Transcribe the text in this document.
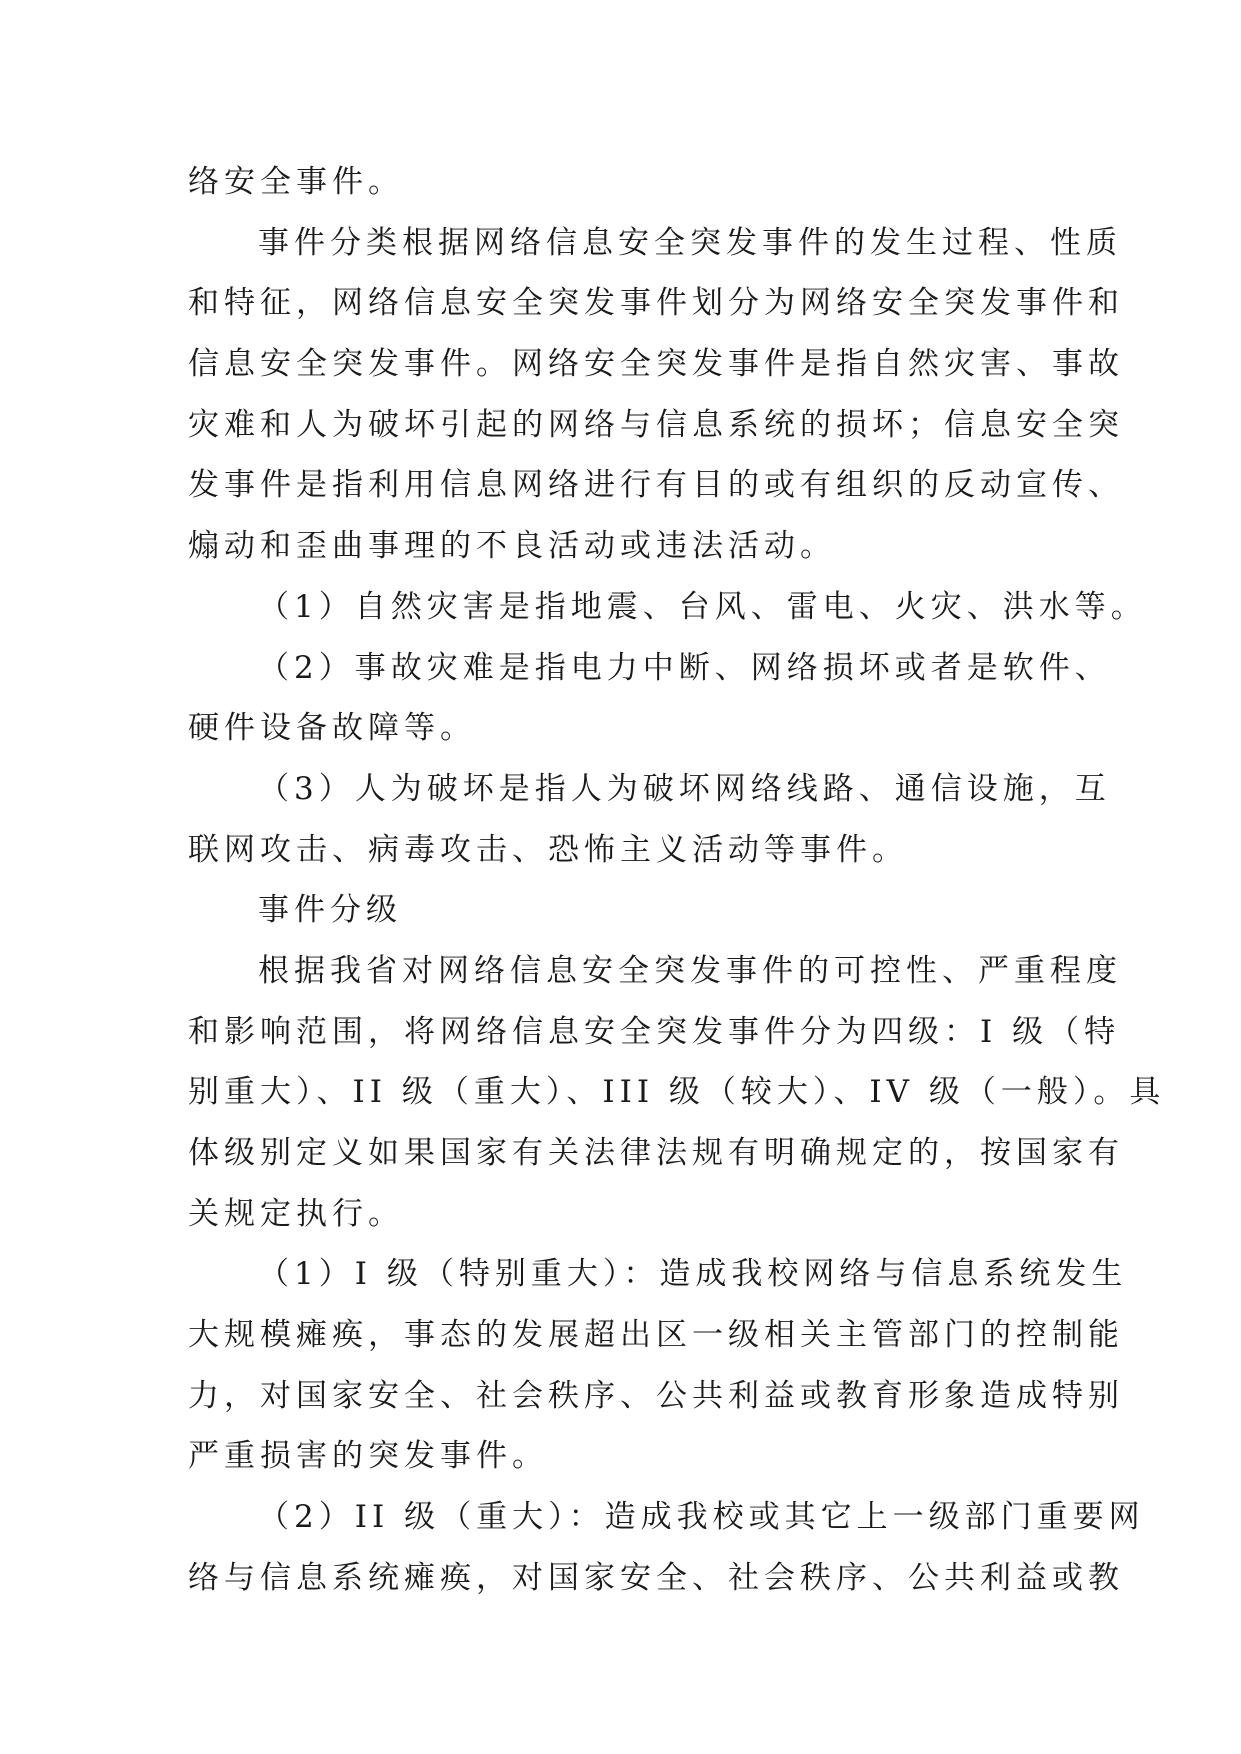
络安全事件。
事件分类根据网络信息安全突发事件的发生过程、性质
和特征，网络信息安全突发事件划分为网络安全突发事件和
信息安全突发事件。网络安全突发事件是指自然灾害、事故
灾难和人为破坏引起的网络与信息系统的损坏；信息安全突
发事件是指利用信息网络进行有目的或有组织的反动宣传、
煽动和歪曲事理的不良活动或违法活动。
（1）自然灾害是指地震、台风、雷电、火灾、洪水等。
（2）事故灾难是指电力中断、网络损坏或者是软件、
硬件设备故障等。
（3）人为破坏是指人为破坏网络线路、通信设施，互
联网攻击、病毒攻击、恐怖主义活动等事件。
事件分级
根据我省对网络信息安全突发事件的可控性、严重程度
和影响范围，将网络信息安全突发事件分为四级：I 级（特
别重大）、II 级（重大）、III 级（较大）、IV 级（一般）。具
体级别定义如果国家有关法律法规有明确规定的，按国家有
关规定执行。
（1）I 级（特别重大）：造成我校网络与信息系统发生
大规模瘫痪，事态的发展超出区一级相关主管部门的控制能
力，对国家安全、社会秩序、公共利益或教育形象造成特别
严重损害的突发事件。
（2）II 级（重大）：造成我校或其它上一级部门重要网
络与信息系统瘫痪，对国家安全、社会秩序、公共利益或教
